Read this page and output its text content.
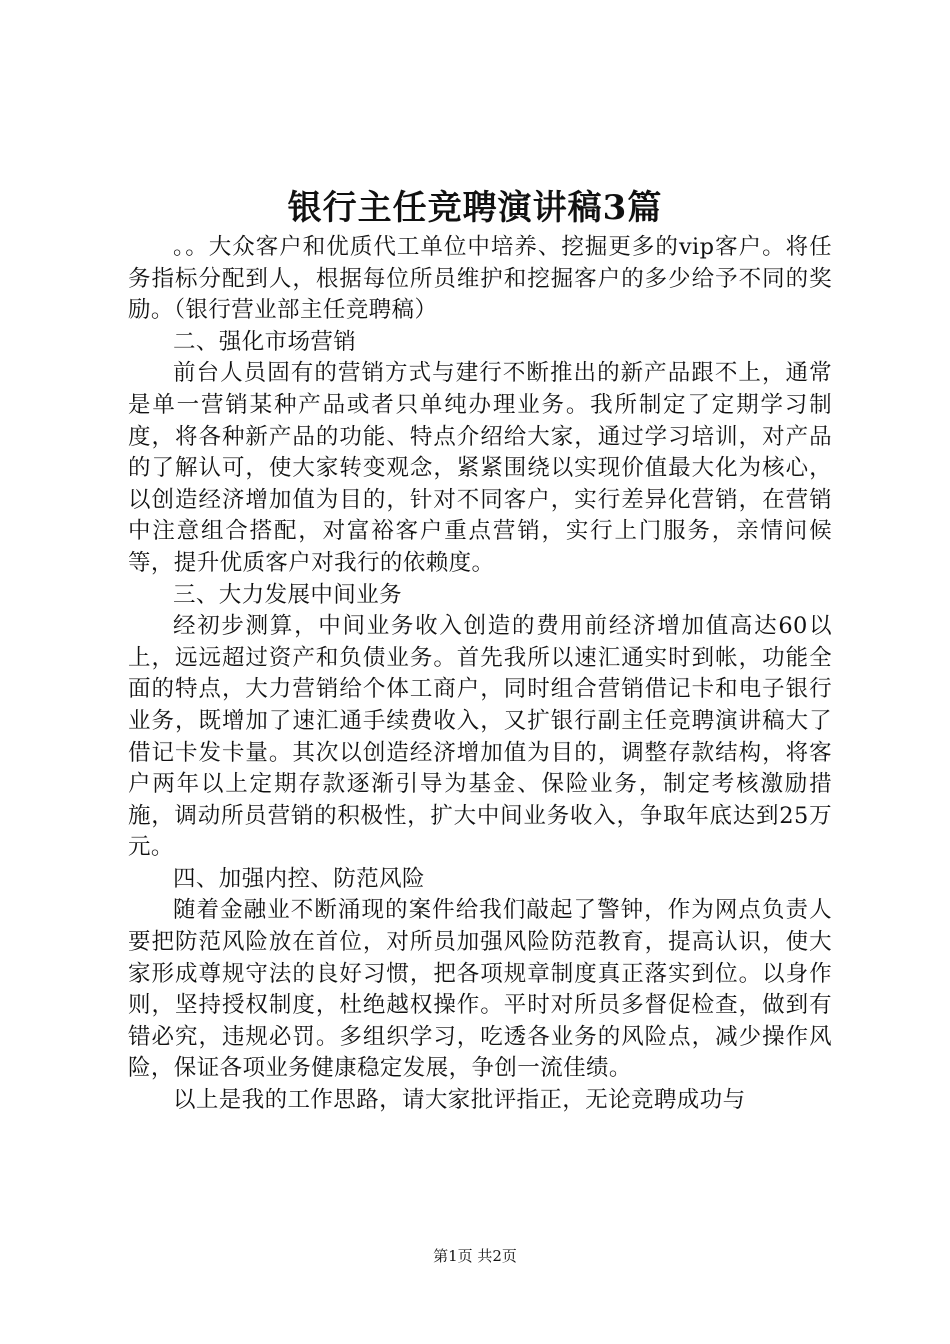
银行主任竞聘演讲稿3篇

。。大众客户和优质代工单位中培养、挖掘更多的vip客户。将任务指标分配到人，根据每位所员维护和挖掘客户的多少给予不同的奖励。（银行营业部主任竞聘稿）

二、强化市场营销

前台人员固有的营销方式与建行不断推出的新产品跟不上，通常是单一营销某种产品或者只单纯办理业务。我所制定了定期学习制度，将各种新产品的功能、特点介绍给大家，通过学习培训，对产品的了解认可，使大家转变观念，紧紧围绕以实现价值最大化为核心，以创造经济增加值为目的，针对不同客户，实行差异化营销，在营销中注意组合搭配，对富裕客户重点营销，实行上门服务，亲情问候等，提升优质客户对我行的依赖度。

三、大力发展中间业务

经初步测算，中间业务收入创造的费用前经济增加值高达60以上，远远超过资产和负债业务。首先我所以速汇通实时到帐，功能全面的特点，大力营销给个体工商户，同时组合营销借记卡和电子银行业务，既增加了速汇通手续费收入，又扩银行副主任竞聘演讲稿大了借记卡发卡量。其次以创造经济增加值为目的，调整存款结构，将客户两年以上定期存款逐渐引导为基金、保险业务，制定考核激励措施，调动所员营销的积极性，扩大中间业务收入，争取年底达到25万元。

四、加强内控、防范风险

随着金融业不断涌现的案件给我们敲起了警钟，作为网点负责人要把防范风险放在首位，对所员加强风险防范教育，提高认识，使大家形成尊规守法的良好习惯，把各项规章制度真正落实到位。以身作则，坚持授权制度，杜绝越权操作。平时对所员多督促检查，做到有错必究，违规必罚。多组织学习，吃透各业务的风险点，减少操作风险，保证各项业务健康稳定发展，争创一流佳绩。

以上是我的工作思路，请大家批评指正，无论竞聘成功与

第1页 共2页
